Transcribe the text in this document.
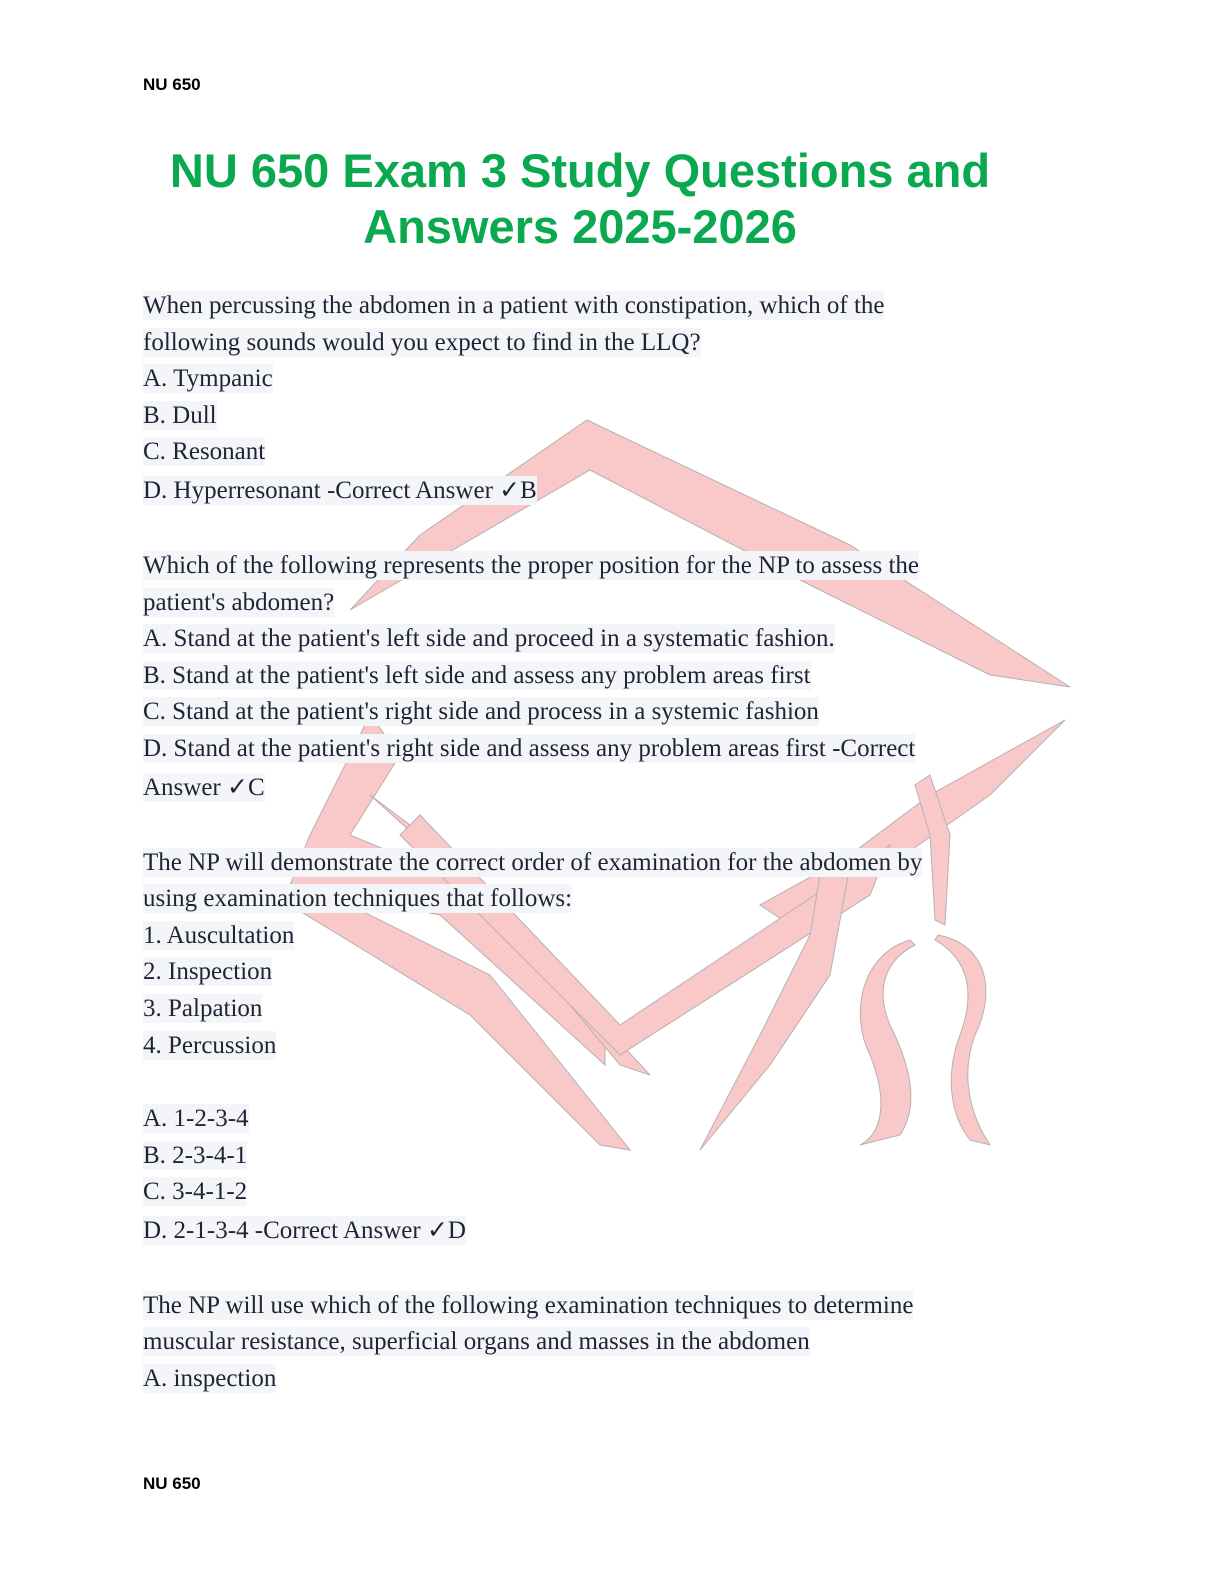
NU 650
NU 650 Exam 3 Study Questions and
Answers 2025-2026
When percussing the abdomen in a patient with constipation, which of the
following sounds would you expect to find in the LLQ?
A. Tympanic
B. Dull
C. Resonant
D. Hyperresonant -Correct Answer ✓B
Which of the following represents the proper position for the NP to assess the
patient's abdomen?
A. Stand at the patient's left side and proceed in a systematic fashion.
B. Stand at the patient's left side and assess any problem areas first
C. Stand at the patient's right side and process in a systemic fashion
D. Stand at the patient's right side and assess any problem areas first -Correct
Answer ✓C
The NP will demonstrate the correct order of examination for the abdomen by
using examination techniques that follows:
1. Auscultation
2. Inspection
3. Palpation
4. Percussion
A. 1-2-3-4
B. 2-3-4-1
C. 3-4-1-2
D. 2-1-3-4 -Correct Answer ✓D
The NP will use which of the following examination techniques to determine
muscular resistance, superficial organs and masses in the abdomen
A. inspection
NU 650
